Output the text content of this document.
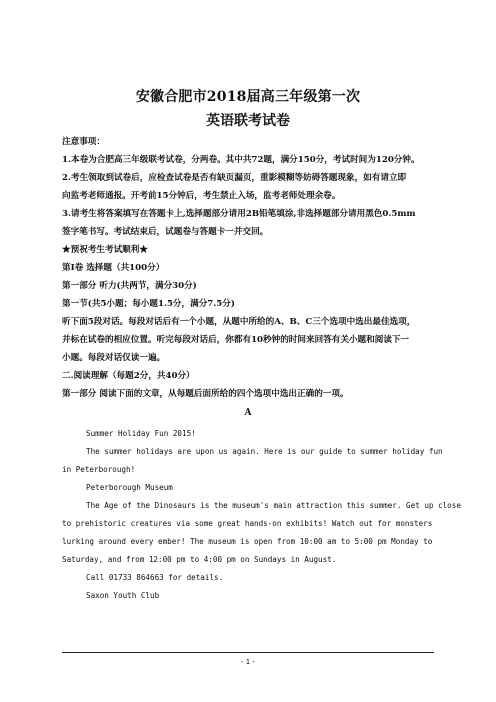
安徽合肥市2018届高三年级第一次
英语联考试卷
注意事项：
1.本卷为合肥高三年级联考试卷，分两卷。其中共72题，满分150分，考试时间为120分钟。
2.考生领取到试卷后，应检查试卷是否有缺页漏页，重影模糊等妨碍答题现象，如有请立即
向监考老师通报。开考前15分钟后，考生禁止入场，监考老师处理余卷。
3.请考生将答案填写在答题卡上,选择题部分请用2B铅笔填涂,非选择题部分请用黑色0.5mm
签字笔书写。考试结束后，试题卷与答题卡一并交回。
★预祝考生考试顺利★
第I卷 选择题（共100分）
第一部分 听力(共两节，满分30分)
第一节(共5小题；每小题1.5分，满分7.5分)
听下面5段对话。每段对话后有一个小题，从题中所给的A、B、C三个选项中选出最佳选项，
并标在试卷的相应位置。听完每段对话后，你都有10秒钟的时间来回答有关小题和阅读下一
小题。每段对话仅读一遍。
二.阅读理解（每题2分，共40分）
第一部分 阅读下面的文章，从每题后面所给的四个选项中选出正确的一项。
A
Summer Holiday Fun 2015!
The summer holidays are upon us again. Here is our guide to summer holiday fun
in Peterborough!
Peterborough Museum
The Age of the Dinosaurs is the museum's main attraction this summer. Get up close
to prehistoric creatures via some great hands-on exhibits! Watch out for monsters
lurking around every ember! The museum is open from 10:00 am to 5:00 pm Monday to
Saturday, and from 12:00 pm to 4:00 pm on Sundays in August.
Call 01733 864663 for details.
Saxon Youth Club
- 1 -
